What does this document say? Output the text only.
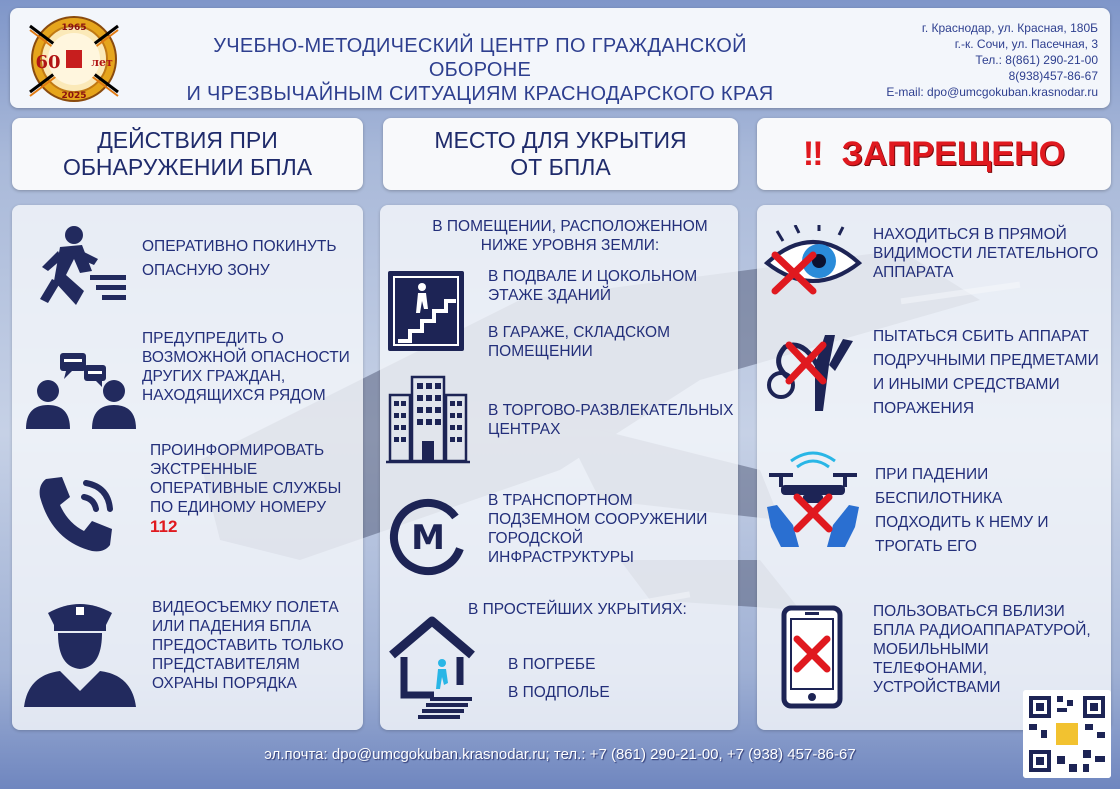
1965
2025
60	лет
УЧЕБНО-МЕТОДИЧЕСКИЙ ЦЕНТР ПО ГРАЖДАНСКОЙ ОБОРОНЕ
И ЧРЕЗВЫЧАЙНЫМ СИТУАЦИЯМ КРАСНОДАРСКОГО КРАЯ
г. Краснодар, ул. Красная, 180Б
г.-к. Сочи, ул. Пасечная, 3
Тел.: 8(861) 290-21-00
8(938)457-86-67
E-mail: dpo@umcgokuban.krasnodar.ru
ДЕЙСТВИЯ ПРИ ОБНАРУЖЕНИИ БПЛА
МЕСТО ДЛЯ УКРЫТИЯ ОТ БПЛА	!! ЗАПРЕЩЕНО
ОПЕРАТИВНО ПОКИНУТЬ ОПАСНУЮ ЗОНУ
ПРЕДУПРЕДИТЬ О ВОЗМОЖНОЙ ОПАСНОСТИ ДРУГИХ ГРАЖДАН, НАХОДЯЩИХСЯ РЯДОМ
ПРОИНФОРМИРОВАТЬ ЭКСТРЕННЫЕ ОПЕРАТИВНЫЕ СЛУЖБЫ ПО ЕДИНОМУ НОМЕРУ 112
ВИДЕОСЪЕМКУ ПОЛЕТА ИЛИ ПАДЕНИЯ БПЛА ПРЕДОСТАВИТЬ ТОЛЬКО ПРЕДСТАВИТЕЛЯМ ОХРАНЫ ПОРЯДКА
В ПОМЕЩЕНИИ, РАСПОЛОЖЕННОМ НИЖЕ УРОВНЯ ЗЕМЛИ:
В ПОДВАЛЕ И ЦОКОЛЬНОМ ЭТАЖЕ ЗДАНИЙ
В ГАРАЖЕ, СКЛАДСКОМ ПОМЕЩЕНИИ
В ТОРГОВО-РАЗВЛЕКАТЕЛЬНЫХ ЦЕНТРАХ
М
В ТРАНСПОРТНОМ ПОДЗЕМНОМ СООРУЖЕНИИ ГОРОДСКОЙ ИНФРАСТРУКТУРЫ
В ПРОСТЕЙШИХ УКРЫТИЯХ:
В ПОГРЕБЕ
В ПОДПОЛЬЕ
НАХОДИТЬСЯ В ПРЯМОЙ ВИДИМОСТИ ЛЕТАТЕЛЬНОГО АППАРАТА
ПЫТАТЬСЯ СБИТЬ АППАРАТ ПОДРУЧНЫМИ ПРЕДМЕТАМИ И ИНЫМИ СРЕДСТВАМИ ПОРАЖЕНИЯ
ПРИ ПАДЕНИИ БЕСПИЛОТНИКА ПОДХОДИТЬ К НЕМУ И ТРОГАТЬ ЕГО
ПОЛЬЗОВАТЬСЯ ВБЛИЗИ БПЛА РАДИОАППАРАТУРОЙ, МОБИЛЬНЫМИ ТЕЛЕФОНАМИ, УСТРОЙСТВАМИ
эл.почта: dpo@umcgokuban.krasnodar.ru; тел.: +7 (861) 290-21-00, +7 (938) 457-86-67
